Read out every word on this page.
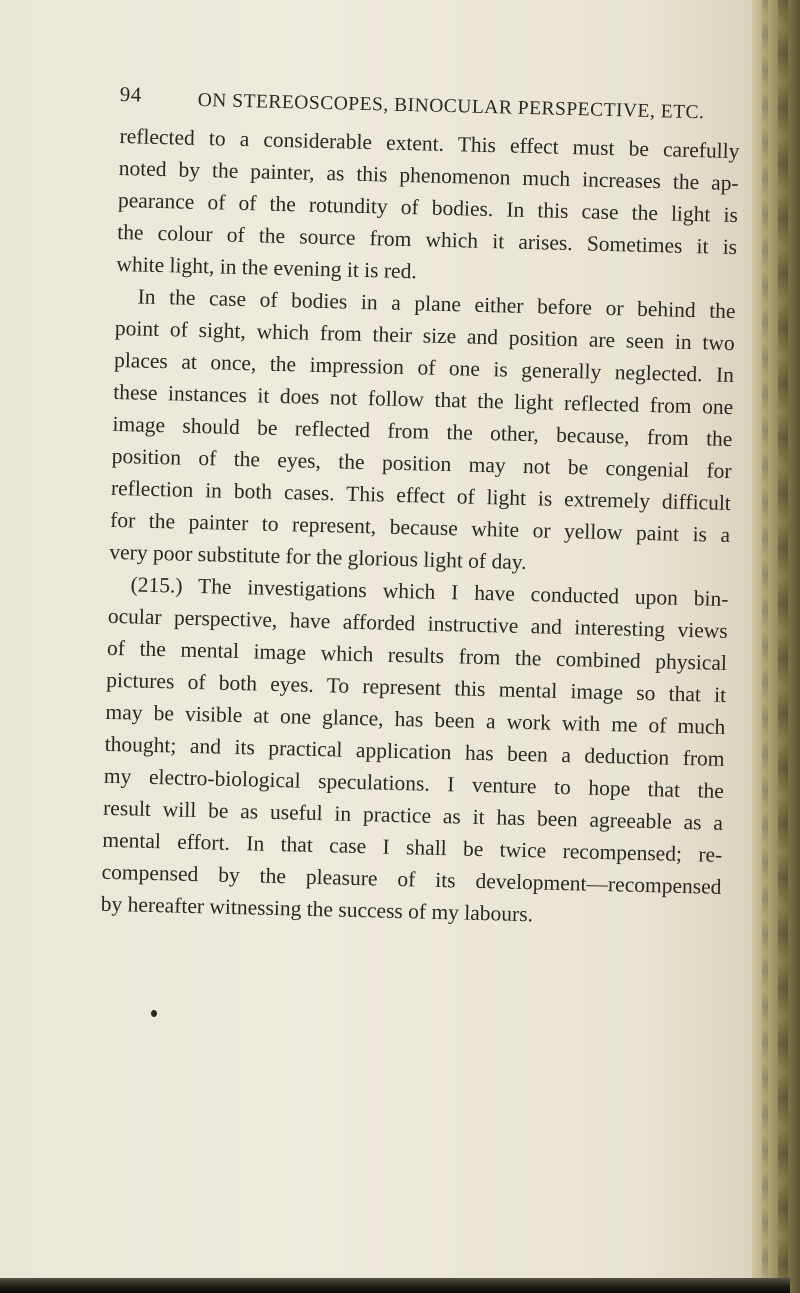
94	ON STEREOSCOPES, BINOCULAR PERSPECTIVE, ETC.
reflected to a considerable extent. This effect must be carefully
noted by the painter, as this phenomenon much increases the ap-
pearance of of the rotundity of bodies. In this case the light is
the colour of the source from which it arises. Sometimes it is
white light, in the evening it is red.
In the case of bodies in a plane either before or behind the
point of sight, which from their size and position are seen in two
places at once, the impression of one is generally neglected. In
these instances it does not follow that the light reflected from one
image should be reflected from the other, because, from the
position of the eyes, the position may not be congenial for
reflection in both cases. This effect of light is extremely difficult
for the painter to represent, because white or yellow paint is a
very poor substitute for the glorious light of day.
(215.) The investigations which I have conducted upon bin-
ocular perspective, have afforded instructive and interesting views
of the mental image which results from the combined physical
pictures of both eyes. To represent this mental image so that it
may be visible at one glance, has been a work with me of much
thought; and its practical application has been a deduction from
my electro-biological speculations. I venture to hope that the
result will be as useful in practice as it has been agreeable as a
mental effort. In that case I shall be twice recompensed; re-
compensed by the pleasure of its development—recompensed
by hereafter witnessing the success of my labours.
